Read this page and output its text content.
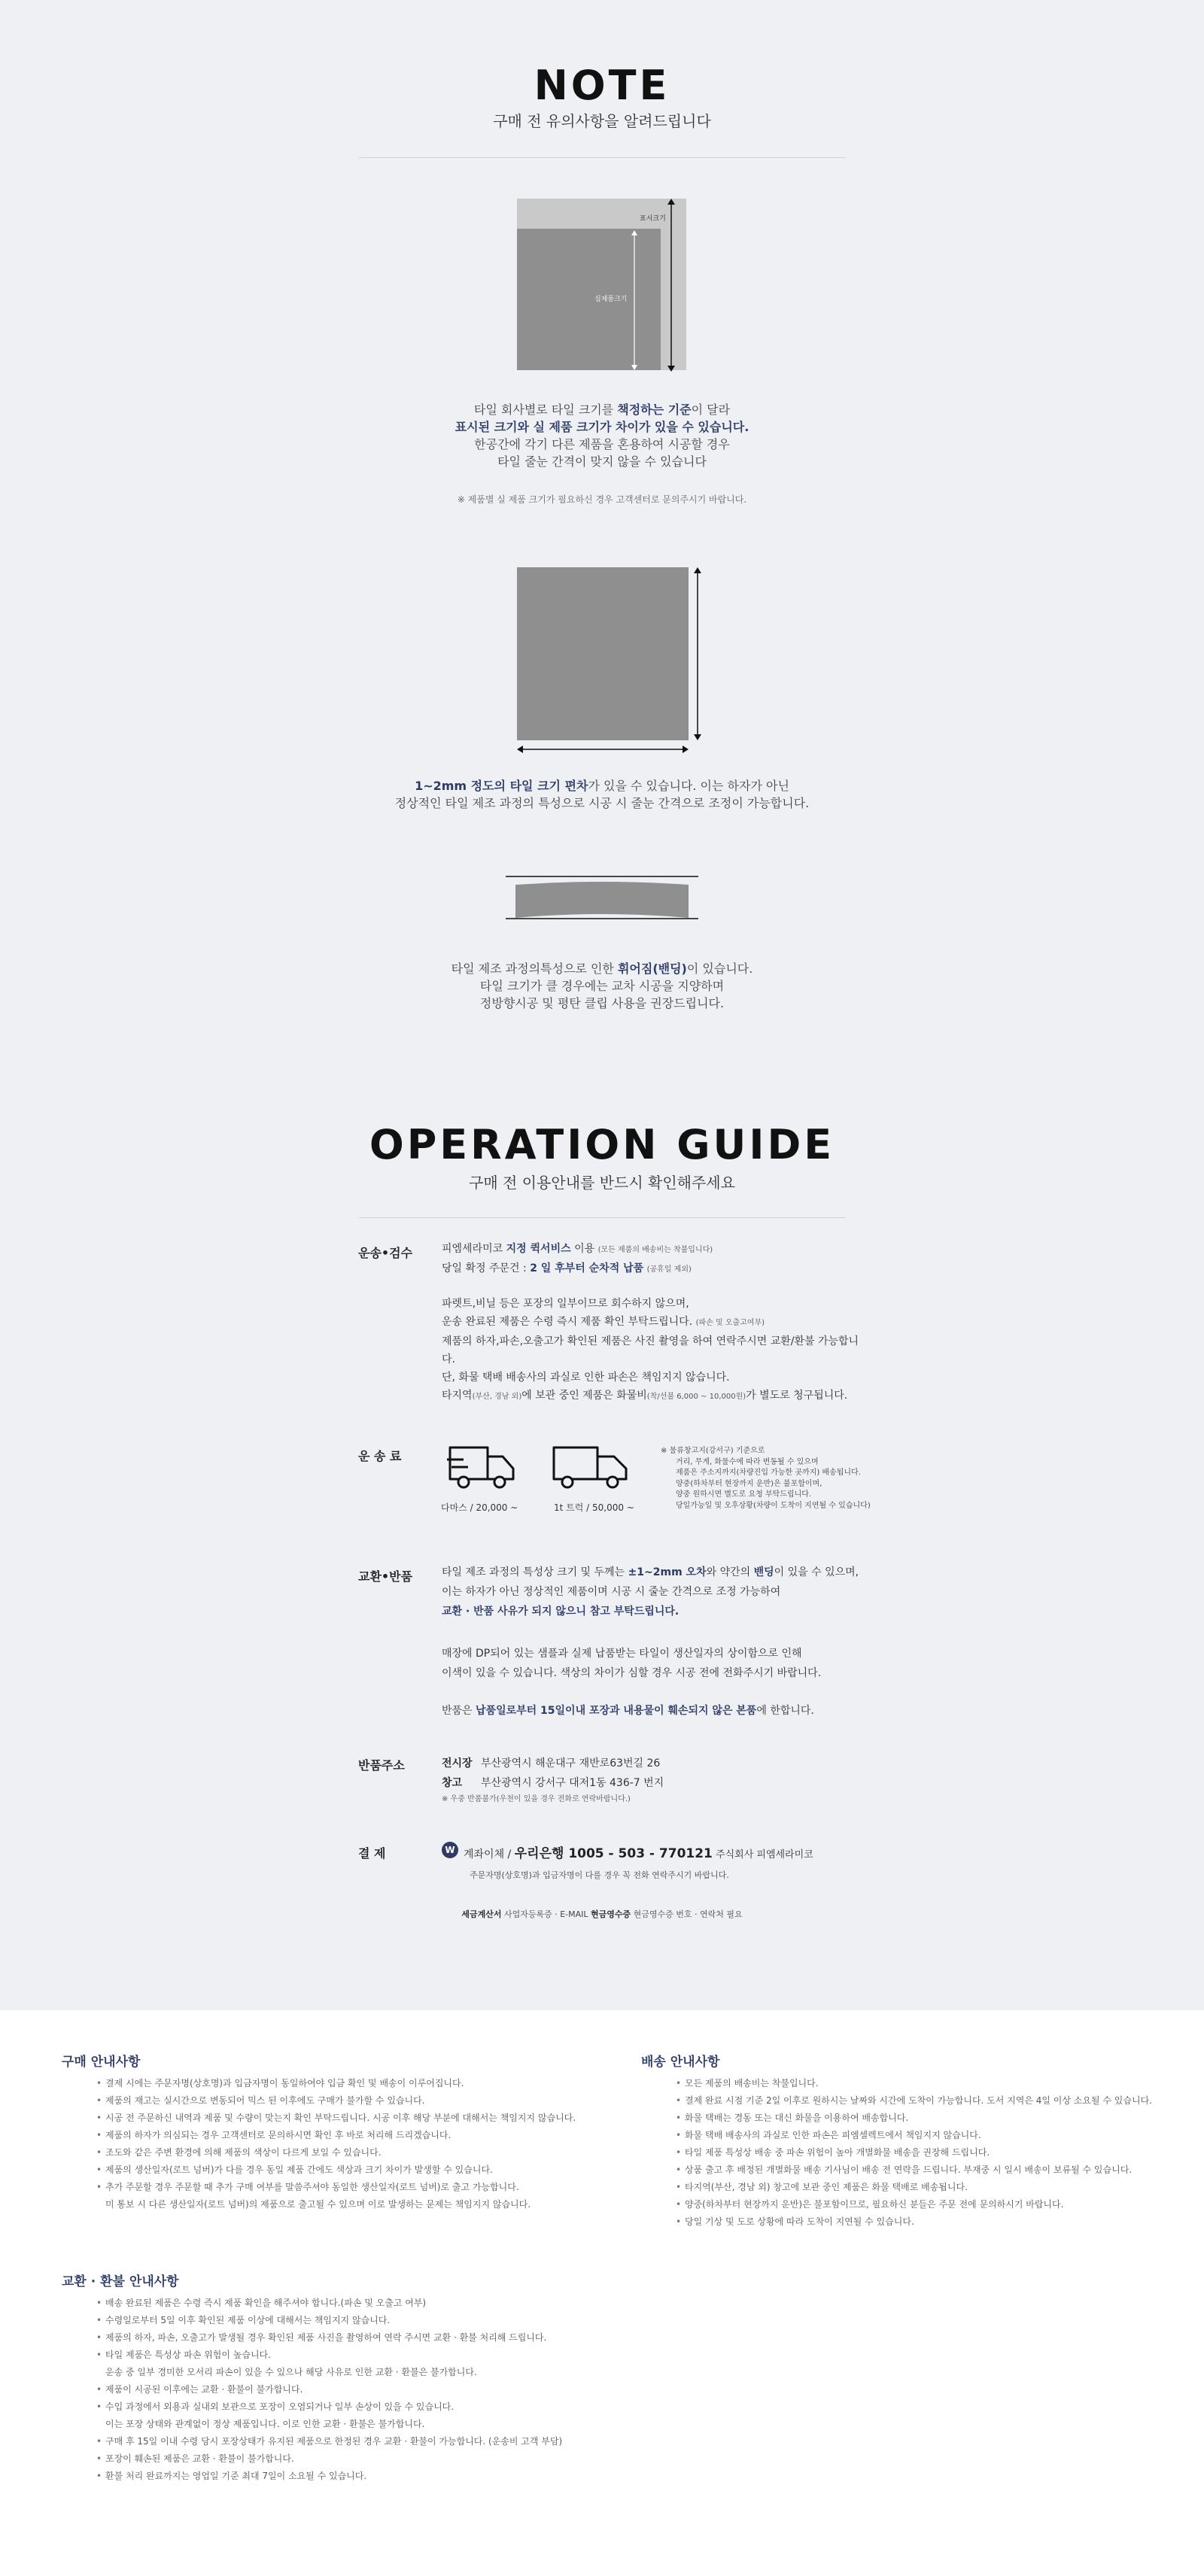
NOTE
구매 전 유의사항을 알려드립니다
표시크기
실제품크기
타일 회사별로 타일 크기를 책정하는 기준이 달라
표시된 크기와 실 제품 크기가 차이가 있을 수 있습니다.
한공간에 각기 다른 제품을 혼용하여 시공할 경우
타일 줄눈 간격이 맞지 않을 수 있습니다
※ 제품별 실 제품 크기가 필요하신 경우 고객센터로 문의주시기 바랍니다.
1~2mm 정도의 타일 크기 편차가 있을 수 있습니다. 이는 하자가 아닌
정상적인 타일 제조 과정의 특성으로 시공 시 줄눈 간격으로 조정이 가능합니다.
타일 제조 과정의특성으로 인한 휘어짐(밴딩)이 있습니다.
타일 크기가 클 경우에는 교차 시공을 지양하며
정방향시공 및 평탄 클립 사용을 권장드립니다.
OPERATION GUIDE
구매 전 이용안내를 반드시 확인해주세요
운송•검수	피엠세라미코 지정 퀵서비스 이용 (모든 제품의 배송비는 착불입니다)
당일 확정 주문건 : 2 일 후부터 순차적 납품 (공휴일 제외)
파렛트,비닐 등은 포장의 일부이므로 회수하지 않으며,
운송 완료된 제품은 수령 즉시 제품 확인 부탁드립니다. (파손 및 오출고여부)
제품의 하자,파손,오출고가 확인된 제품은 사진 촬영을 하여 연락주시면 교환/환불 가능합니다.
단, 화물 택배 배송사의 과실로 인한 파손은 책임지지 않습니다.
타지역(부산, 경남 외)에 보관 중인 제품은 화물비(착/선불 6,000 ~ 10,000원)가 별도로 청구됩니다.
운 송 료
다마스 / 20,000 ~	1t 트럭 / 50,000 ~
※ 물류창고지(강서구) 기준으로
거리, 무게, 화물수에 따라 변동될 수 있으며
제품은 주소지까지(차량진입 가능한 곳까지) 배송됩니다.
양중(하차부터 현장까지 운반)은 불포함이며,
양중 원하시면 별도로 요청 부탁드립니다.
당일가능일 및 오후상황(차량이 도착이 지연될 수 있습니다)
교환•반품	타일 제조 과정의 특성상 크기 및 두께는 ±1~2mm 오차와 약간의 밴딩이 있을 수 있으며,
이는 하자가 아닌 정상적인 제품이며 시공 시 줄눈 간격으로 조정 가능하여
교환 · 반품 사유가 되지 않으니 참고 부탁드립니다.
매장에 DP되어 있는 샘플과 실제 납품받는 타일이 생산일자의 상이함으로 인해
이색이 있을 수 있습니다. 색상의 차이가 심할 경우 시공 전에 전화주시기 바랍니다.
반품은 납품일로부터 15일이내 포장과 내용물이 훼손되지 않은 본품에 한합니다.
반품주소	전시장 부산광역시 해운대구 재반로63번길 26
창고 부산광역시 강서구 대저1동 436-7 번지
※ 우중 반품불가(우천이 있을 경우 전화로 연락바랍니다.)
결 제	W 계좌이체 / 우리은행 1005 - 503 - 770121 주식회사 피엠세라미코
주문자명(상호명)과 입금자명이 다를 경우 꼭 전화 연락주시기 바랍니다.
세금계산서 사업자등록증 · E-MAIL 현금영수증 현금영수증 번호 · 연락처 필요
구매 안내사항
• 결제 시에는 주문자명(상호명)과 입금자명이 동일하여야 입금 확인 및 배송이 이루어집니다.
• 제품의 재고는 실시간으로 변동되어 믹스 된 이후에도 구매가 불가할 수 있습니다.
• 시공 전 주문하신 내역과 제품 및 수량이 맞는지 확인 부탁드립니다. 시공 이후 해당 부분에 대해서는 책임지지 않습니다.
• 제품의 하자가 의심되는 경우 고객센터로 문의하시면 확인 후 바로 처리해 드리겠습니다.
• 조도와 같은 주변 환경에 의해 제품의 색상이 다르게 보일 수 있습니다.
• 제품의 생산일자(로트 넘버)가 다를 경우 동일 제품 간에도 색상과 크기 차이가 발생할 수 있습니다.
• 추가 주문할 경우 주문할 때 추가 구매 여부를 말씀주셔야 동일한 생산일자(로트 넘버)로 출고 가능합니다.
미 통보 시 다른 생산일자(로트 넘버)의 제품으로 출고될 수 있으며 이로 발생하는 문제는 책임지지 않습니다.
배송 안내사항
• 모든 제품의 배송비는 착불입니다.
• 결제 완료 시점 기준 2일 이후로 원하시는 날짜와 시간에 도착이 가능합니다. 도서 지역은 4일 이상 소요될 수 있습니다.
• 화물 택배는 경동 또는 대신 화물을 이용하여 배송합니다.
• 화물 택배 배송사의 과실로 인한 파손은 피엠셀렉트에서 책임지지 않습니다.
• 타일 제품 특성상 배송 중 파손 위험이 높아 개별화물 배송을 권장해 드립니다.
• 상품 출고 후 배정된 개별화물 배송 기사님이 배송 전 연락을 드립니다. 부재중 시 일시 배송이 보류될 수 있습니다.
• 타지역(부산, 경남 외) 창고에 보관 중인 제품은 화물 택배로 배송됩니다.
• 양중(하차부터 현장까지 운반)은 불포함이므로, 필요하신 분들은 주문 전에 문의하시기 바랍니다.
• 당일 기상 및 도로 상황에 따라 도착이 지연될 수 있습니다.
교환 · 환불 안내사항
• 배송 완료된 제품은 수령 즉시 제품 확인을 해주셔야 합니다.(파손 및 오출고 여부)
• 수령일로부터 5일 이후 확인된 제품 이상에 대해서는 책임지지 않습니다.
• 제품의 하자, 파손, 오출고가 발생될 경우 확인된 제품 사진을 촬영하여 연락 주시면 교환 · 환불 처리해 드립니다.
• 타일 제품은 특성상 파손 위험이 높습니다.
운송 중 일부 경미한 모서리 파손이 있을 수 있으나 해당 사유로 인한 교환 · 환불은 불가합니다.
• 제품이 시공된 이후에는 교환 · 환불이 불가합니다.
• 수입 과정에서 외용과 실내외 보관으로 포장이 오염되거나 일부 손상이 있을 수 있습니다.
이는 포장 상태와 관계없이 정상 제품입니다. 이로 인한 교환 · 환불은 불가합니다.
• 구매 후 15일 이내 수령 당시 포장상태가 유지된 제품으로 한정된 경우 교환 · 환불이 가능합니다. (운송비 고객 부담)
• 포장이 훼손된 제품은 교환 · 환불이 불가합니다.
• 환불 처리 완료까지는 영업일 기준 최대 7일이 소요될 수 있습니다.
